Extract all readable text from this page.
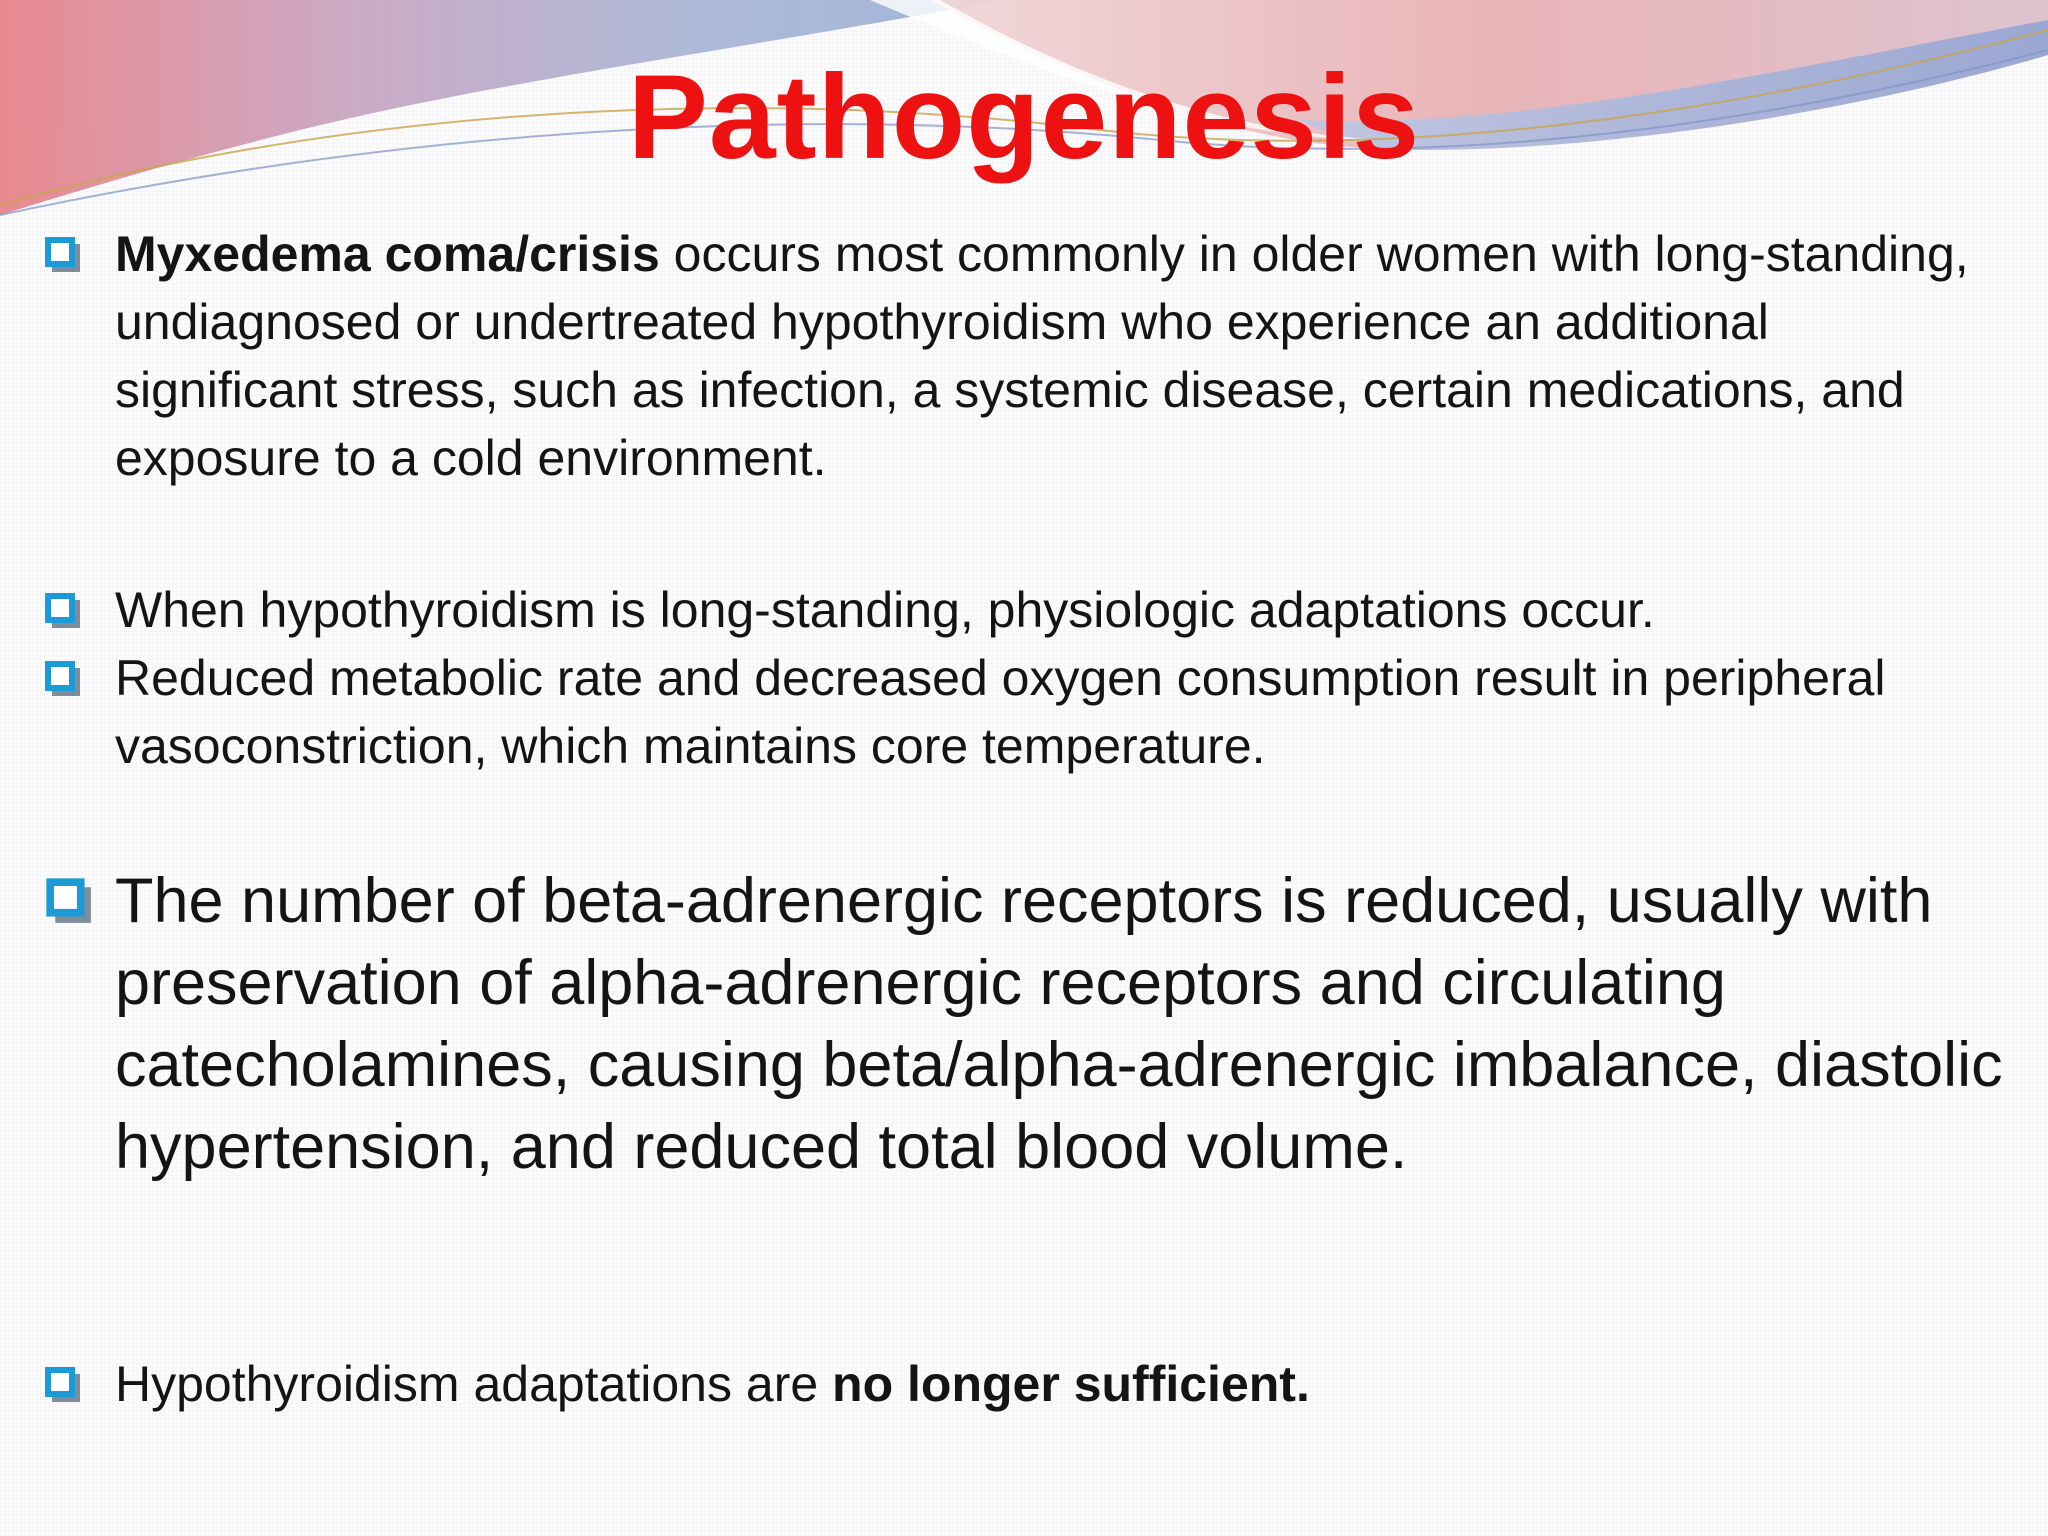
Pathogenesis
Myxedema coma/crisis occurs most commonly in older women with long-standing, undiagnosed or undertreated hypothyroidism who experience an additional significant stress, such as infection, a systemic disease, certain medications, and exposure to a cold environment.
When hypothyroidism is long-standing, physiologic adaptations occur.
Reduced metabolic rate and decreased oxygen consumption result in peripheral vasoconstriction, which maintains core temperature.
The number of beta-adrenergic receptors is reduced, usually with preservation of alpha-adrenergic receptors and circulating catecholamines, causing beta/alpha-adrenergic imbalance, diastolic hypertension, and reduced total blood volume.
Hypothyroidism adaptations are no longer sufficient.
